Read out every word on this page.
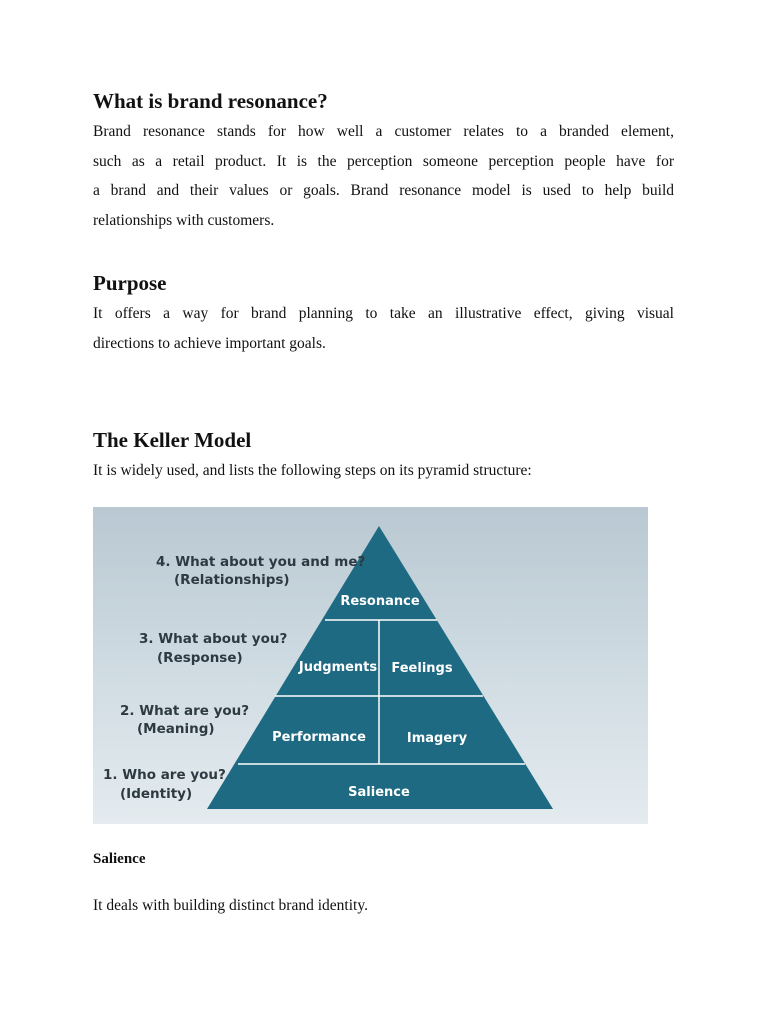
What is brand resonance?

Brand resonance stands for how well a customer relates to a branded element,

such as a retail product. It is the perception someone perception people have for

a brand and their values or goals. Brand resonance model is used to help build

relationships with customers.

Purpose

It offers a way for brand planning to take an illustrative effect, giving visual

directions to achieve important goals.

The Keller Model

It is widely used, and lists the following steps on its pyramid structure:

Salience

It deals with building distinct brand identity.

Resonance
Judgments Feelings
Performance	Imagery
Salience
4. What about you and me?
(Relationships)
3. What about you?
(Response)
2. What are you?
(Meaning)
1. Who are you?
(Identity)
